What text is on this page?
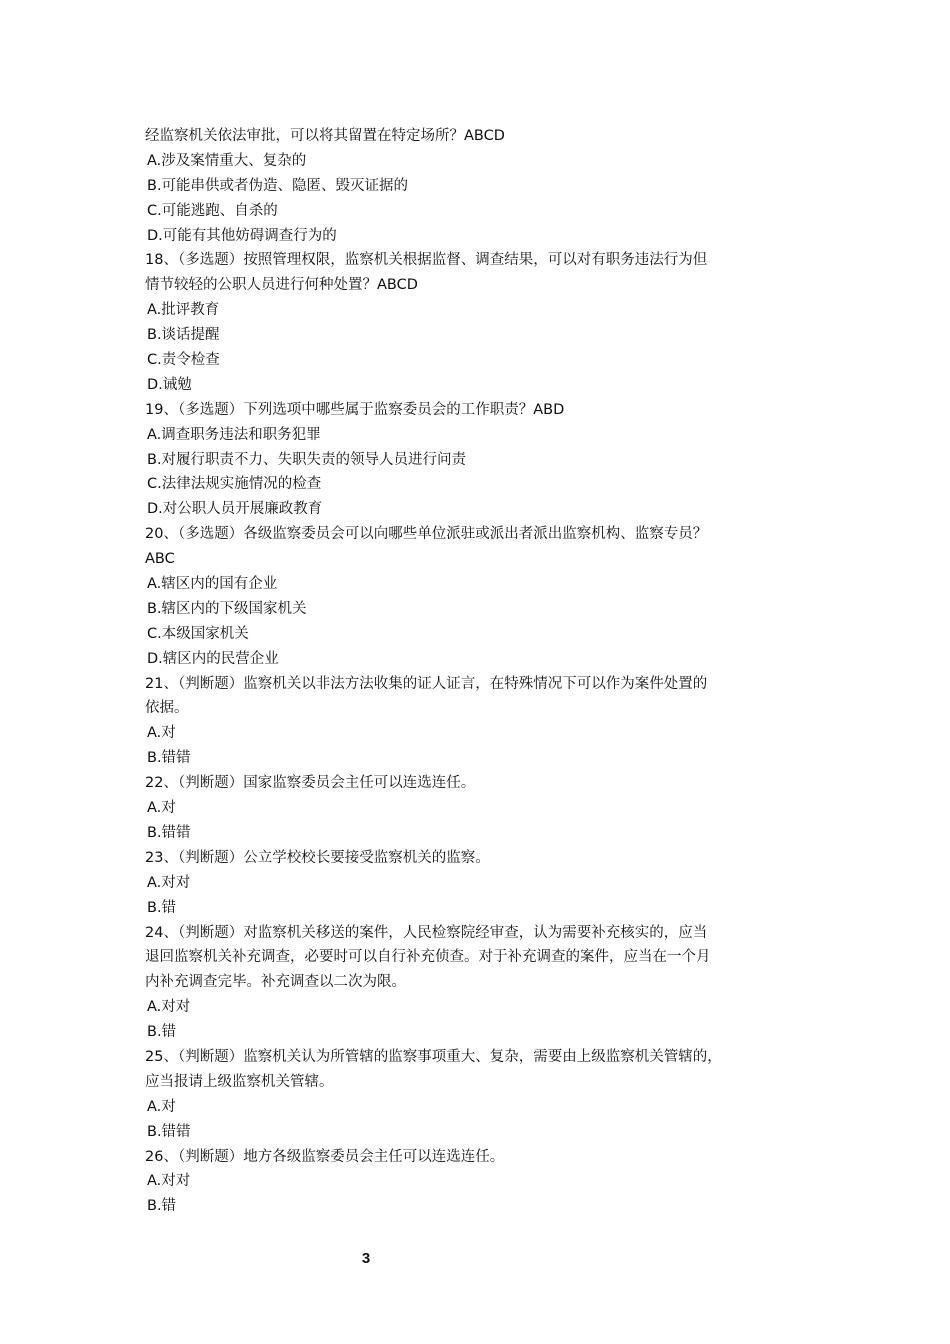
经监察机关依法审批，可以将其留置在特定场所？ABCD
A.涉及案情重大、复杂的
B.可能串供或者伪造、隐匿、毁灭证据的
C.可能逃跑、自杀的
D.可能有其他妨碍调查行为的
18、（多选题）按照管理权限，监察机关根据监督、调查结果，可以对有职务违法行为但
情节较轻的公职人员进行何种处置？ABCD
A.批评教育
B.谈话提醒
C.责令检查
D.诫勉
19、（多选题）下列选项中哪些属于监察委员会的工作职责？ABD
A.调查职务违法和职务犯罪
B.对履行职责不力、失职失责的领导人员进行问责
C.法律法规实施情况的检查
D.对公职人员开展廉政教育
20、（多选题）各级监察委员会可以向哪些单位派驻或派出者派出监察机构、监察专员？
ABC
A.辖区内的国有企业
B.辖区内的下级国家机关
C.本级国家机关
D.辖区内的民营企业
21、（判断题）监察机关以非法方法收集的证人证言，在特殊情况下可以作为案件处置的
依据。
A.对
B.错错
22、（判断题）国家监察委员会主任可以连选连任。
A.对
B.错错
23、（判断题）公立学校校长要接受监察机关的监察。
A.对对
B.错
24、（判断题）对监察机关移送的案件，人民检察院经审查，认为需要补充核实的，应当
退回监察机关补充调查，必要时可以自行补充侦查。对于补充调查的案件，应当在一个月
内补充调查完毕。补充调查以二次为限。
A.对对
B.错
25、（判断题）监察机关认为所管辖的监察事项重大、复杂，需要由上级监察机关管辖的，
应当报请上级监察机关管辖。
A.对
B.错错
26、（判断题）地方各级监察委员会主任可以连选连任。
A.对对
B.错
3
